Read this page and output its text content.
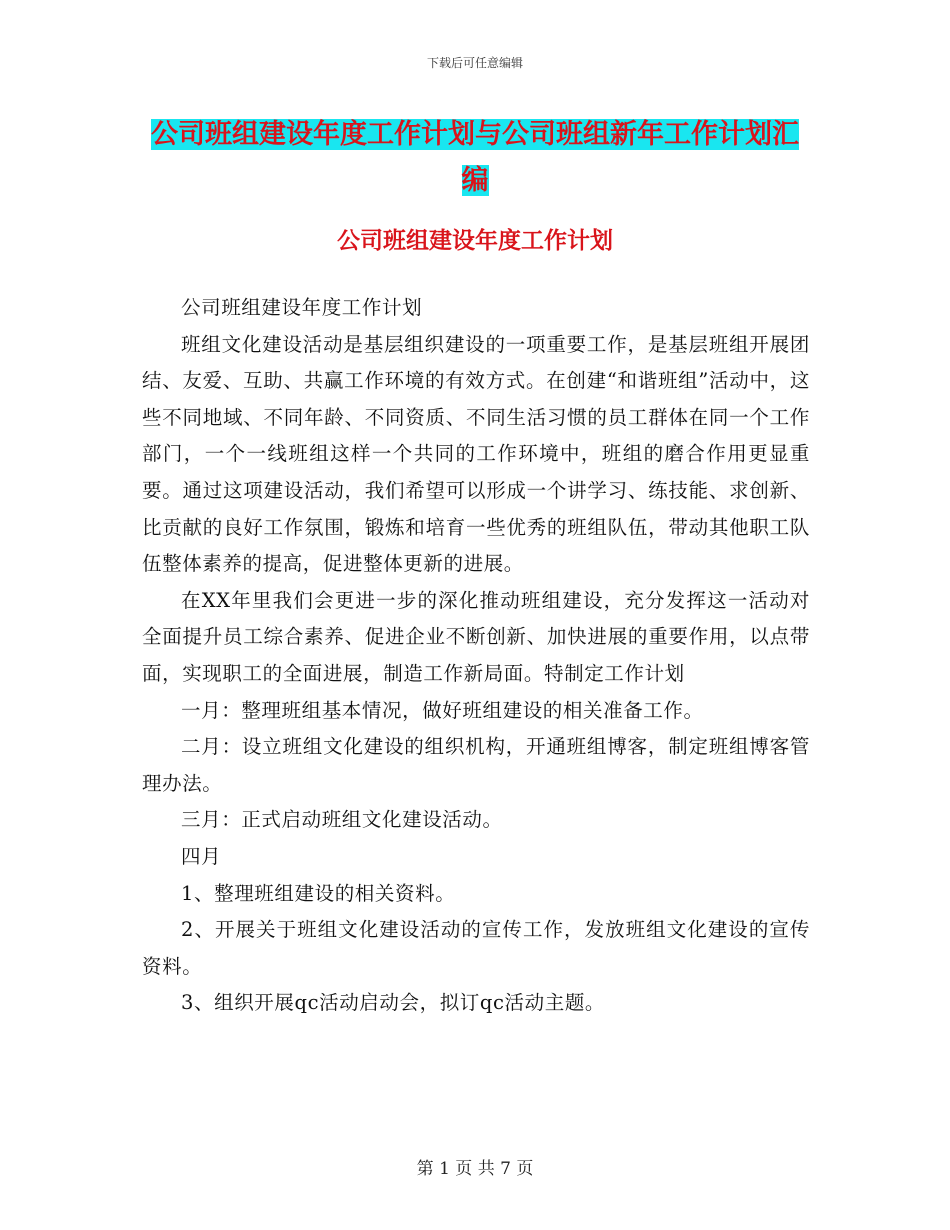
下载后可任意编辑
公司班组建设年度工作计划与公司班组新年工作计划汇编
公司班组建设年度工作计划

公司班组建设年度工作计划

班组文化建设活动是基层组织建设的一项重要工作，是基层班组开展团结、友爱、互助、共赢工作环境的有效方式。在创建“和谐班组”活动中，这些不同地域、不同年龄、不同资质、不同生活习惯的员工群体在同一个工作部门，一个一线班组这样一个共同的工作环境中，班组的磨合作用更显重要。通过这项建设活动，我们希望可以形成一个讲学习、练技能、求创新、比贡献的良好工作氛围，锻炼和培育一些优秀的班组队伍，带动其他职工队伍整体素养的提高，促进整体更新的进展。

在XX年里我们会更进一步的深化推动班组建设，充分发挥这一活动对全面提升员工综合素养、促进企业不断创新、加快进展的重要作用，以点带面，实现职工的全面进展，制造工作新局面。特制定工作计划

一月：整理班组基本情况，做好班组建设的相关准备工作。

二月：设立班组文化建设的组织机构，开通班组博客，制定班组博客管理办法。

三月：正式启动班组文化建设活动。

四月

1、整理班组建设的相关资料。

2、开展关于班组文化建设活动的宣传工作，发放班组文化建设的宣传资料。

3、组织开展qc活动启动会，拟订qc活动主题。

第 1 页 共 7 页
